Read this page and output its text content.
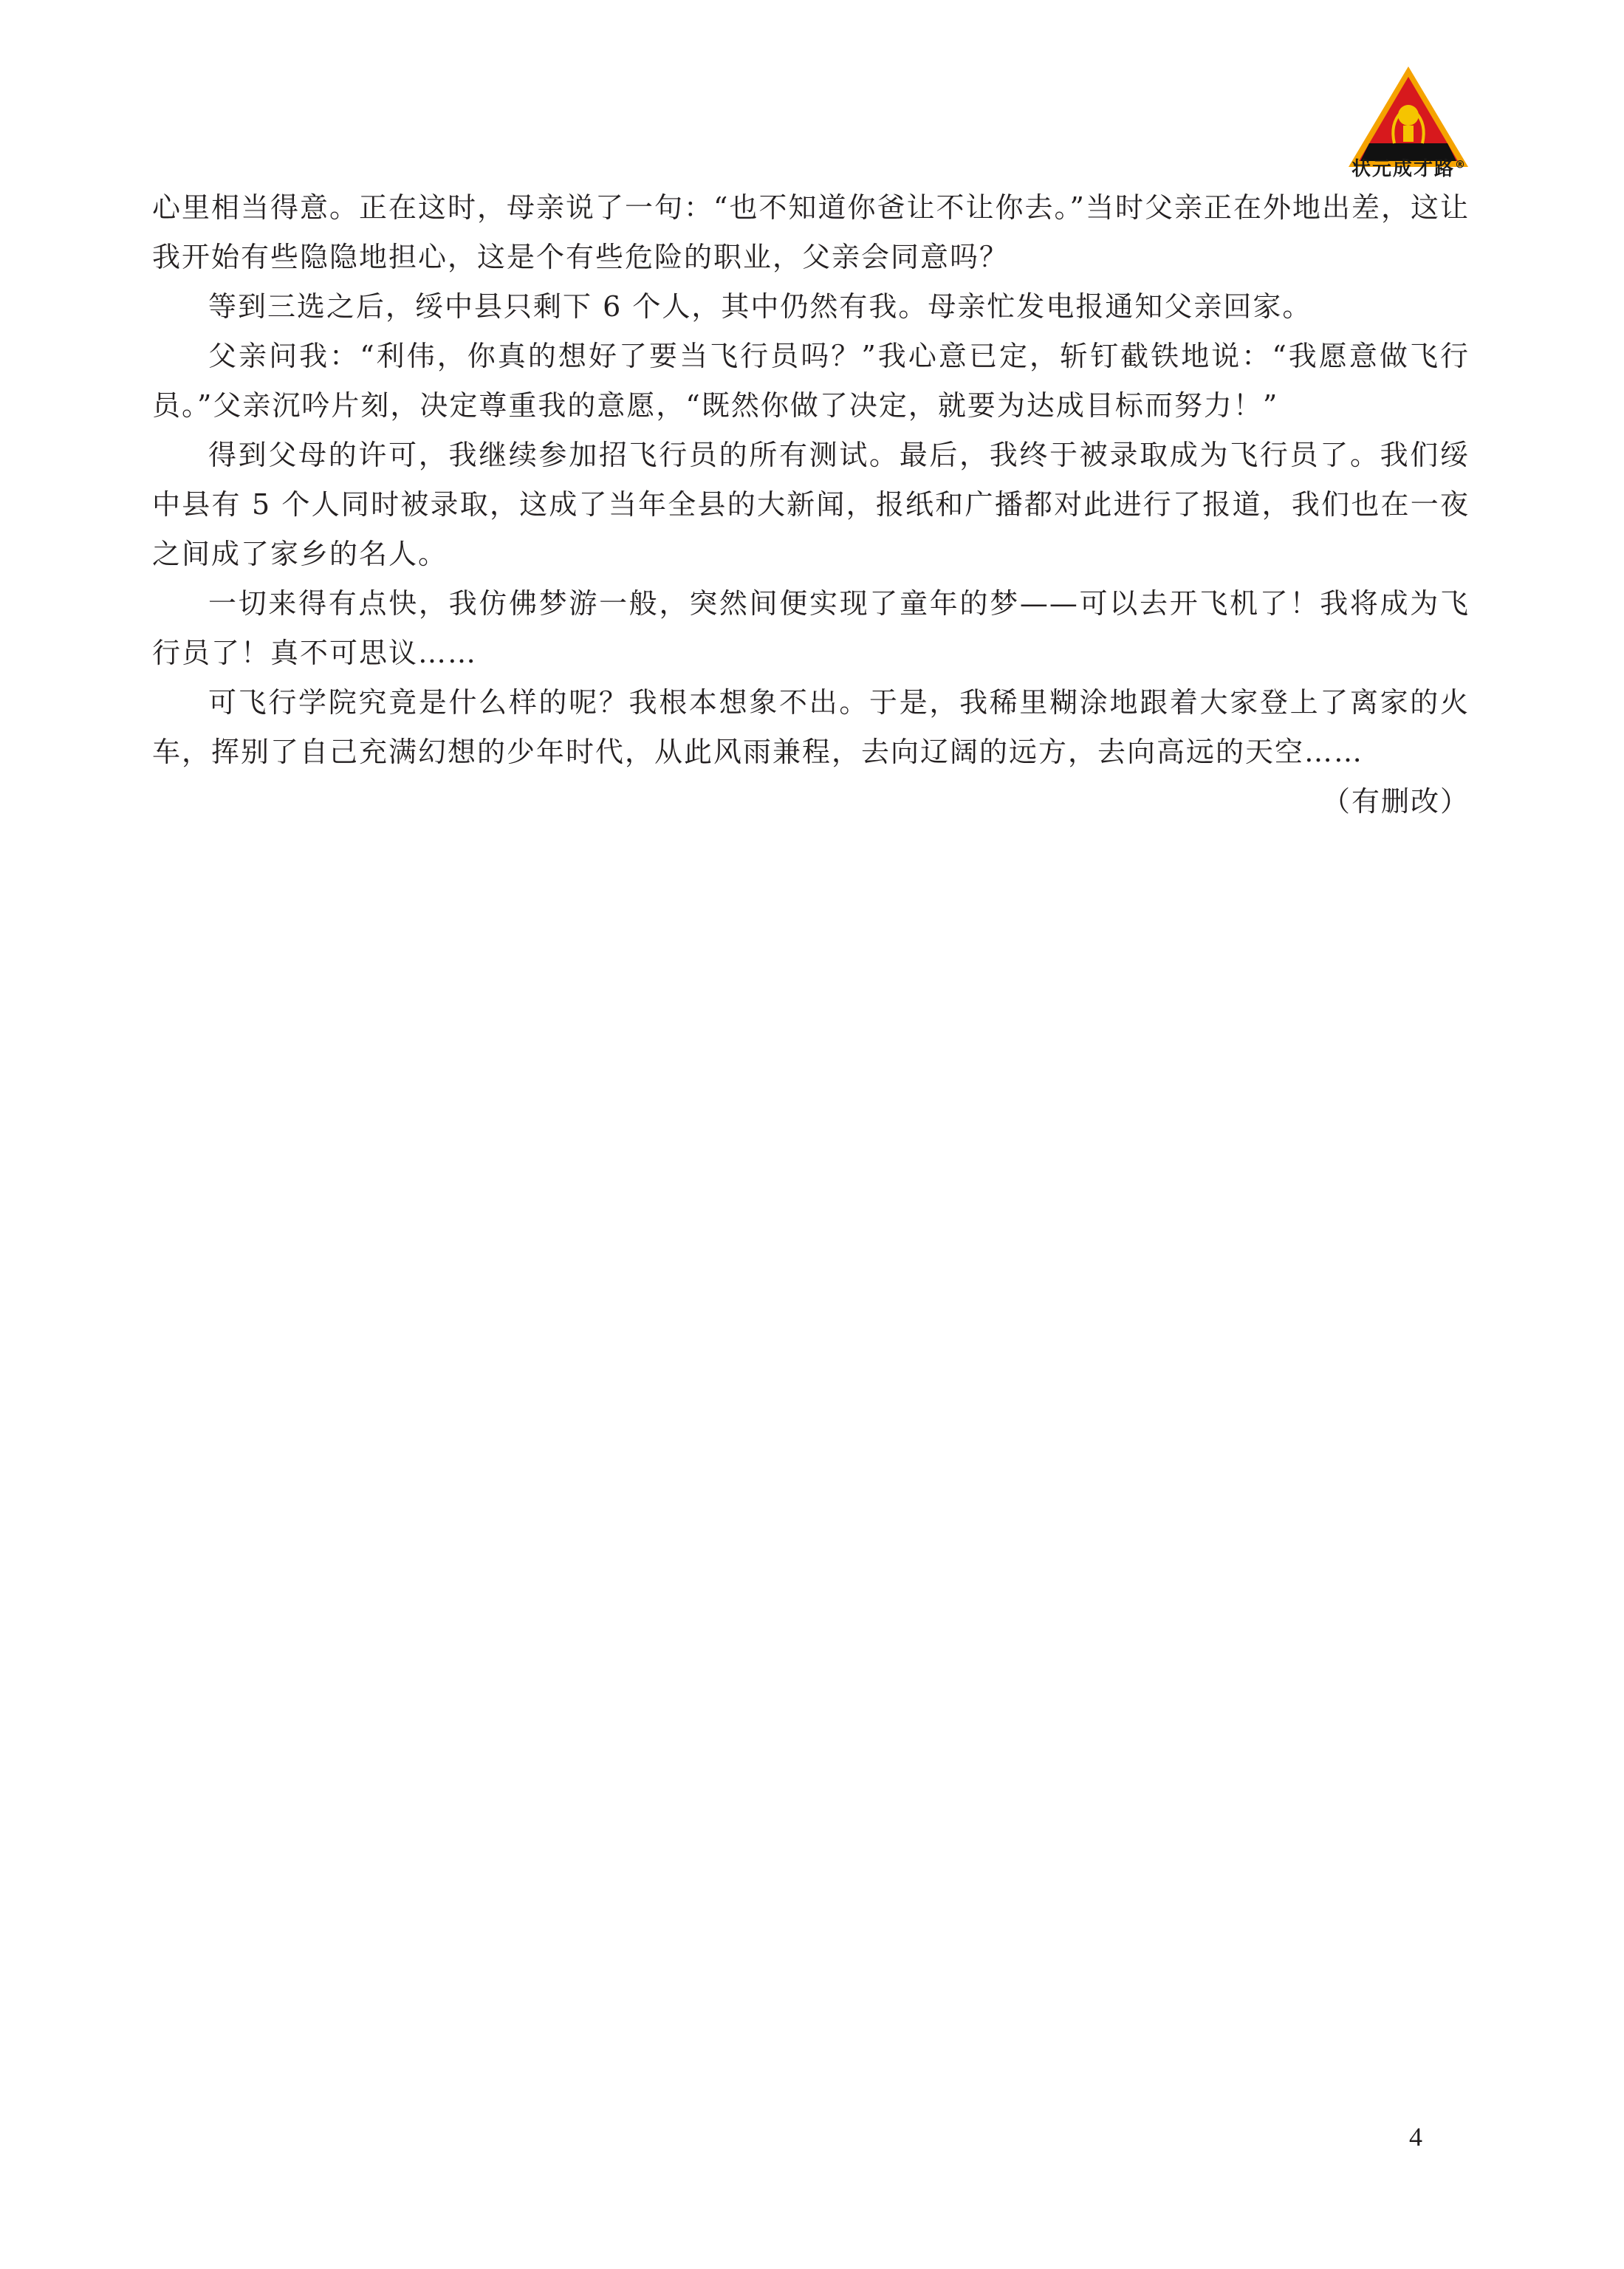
状元成才路®

心里相当得意。正在这时，母亲说了一句：“也不知道你爸让不让你去。”当时父亲正在外地出差，这让我开始有些隐隐地担心，这是个有些危险的职业，父亲会同意吗？

等到三选之后，绥中县只剩下 6 个人，其中仍然有我。母亲忙发电报通知父亲回家。

父亲问我：“利伟，你真的想好了要当飞行员吗？”我心意已定，斩钉截铁地说：“我愿意做飞行员。”父亲沉吟片刻，决定尊重我的意愿，“既然你做了决定，就要为达成目标而努力！”

得到父母的许可，我继续参加招飞行员的所有测试。最后，我终于被录取成为飞行员了。我们绥中县有 5 个人同时被录取，这成了当年全县的大新闻，报纸和广播都对此进行了报道，我们也在一夜之间成了家乡的名人。

一切来得有点快，我仿佛梦游一般，突然间便实现了童年的梦——可以去开飞机了！我将成为飞行员了！真不可思议……

可飞行学院究竟是什么样的呢？我根本想象不出。于是，我稀里糊涂地跟着大家登上了离家的火车，挥别了自己充满幻想的少年时代，从此风雨兼程，去向辽阔的远方，去向高远的天空……

（有删改）

4
